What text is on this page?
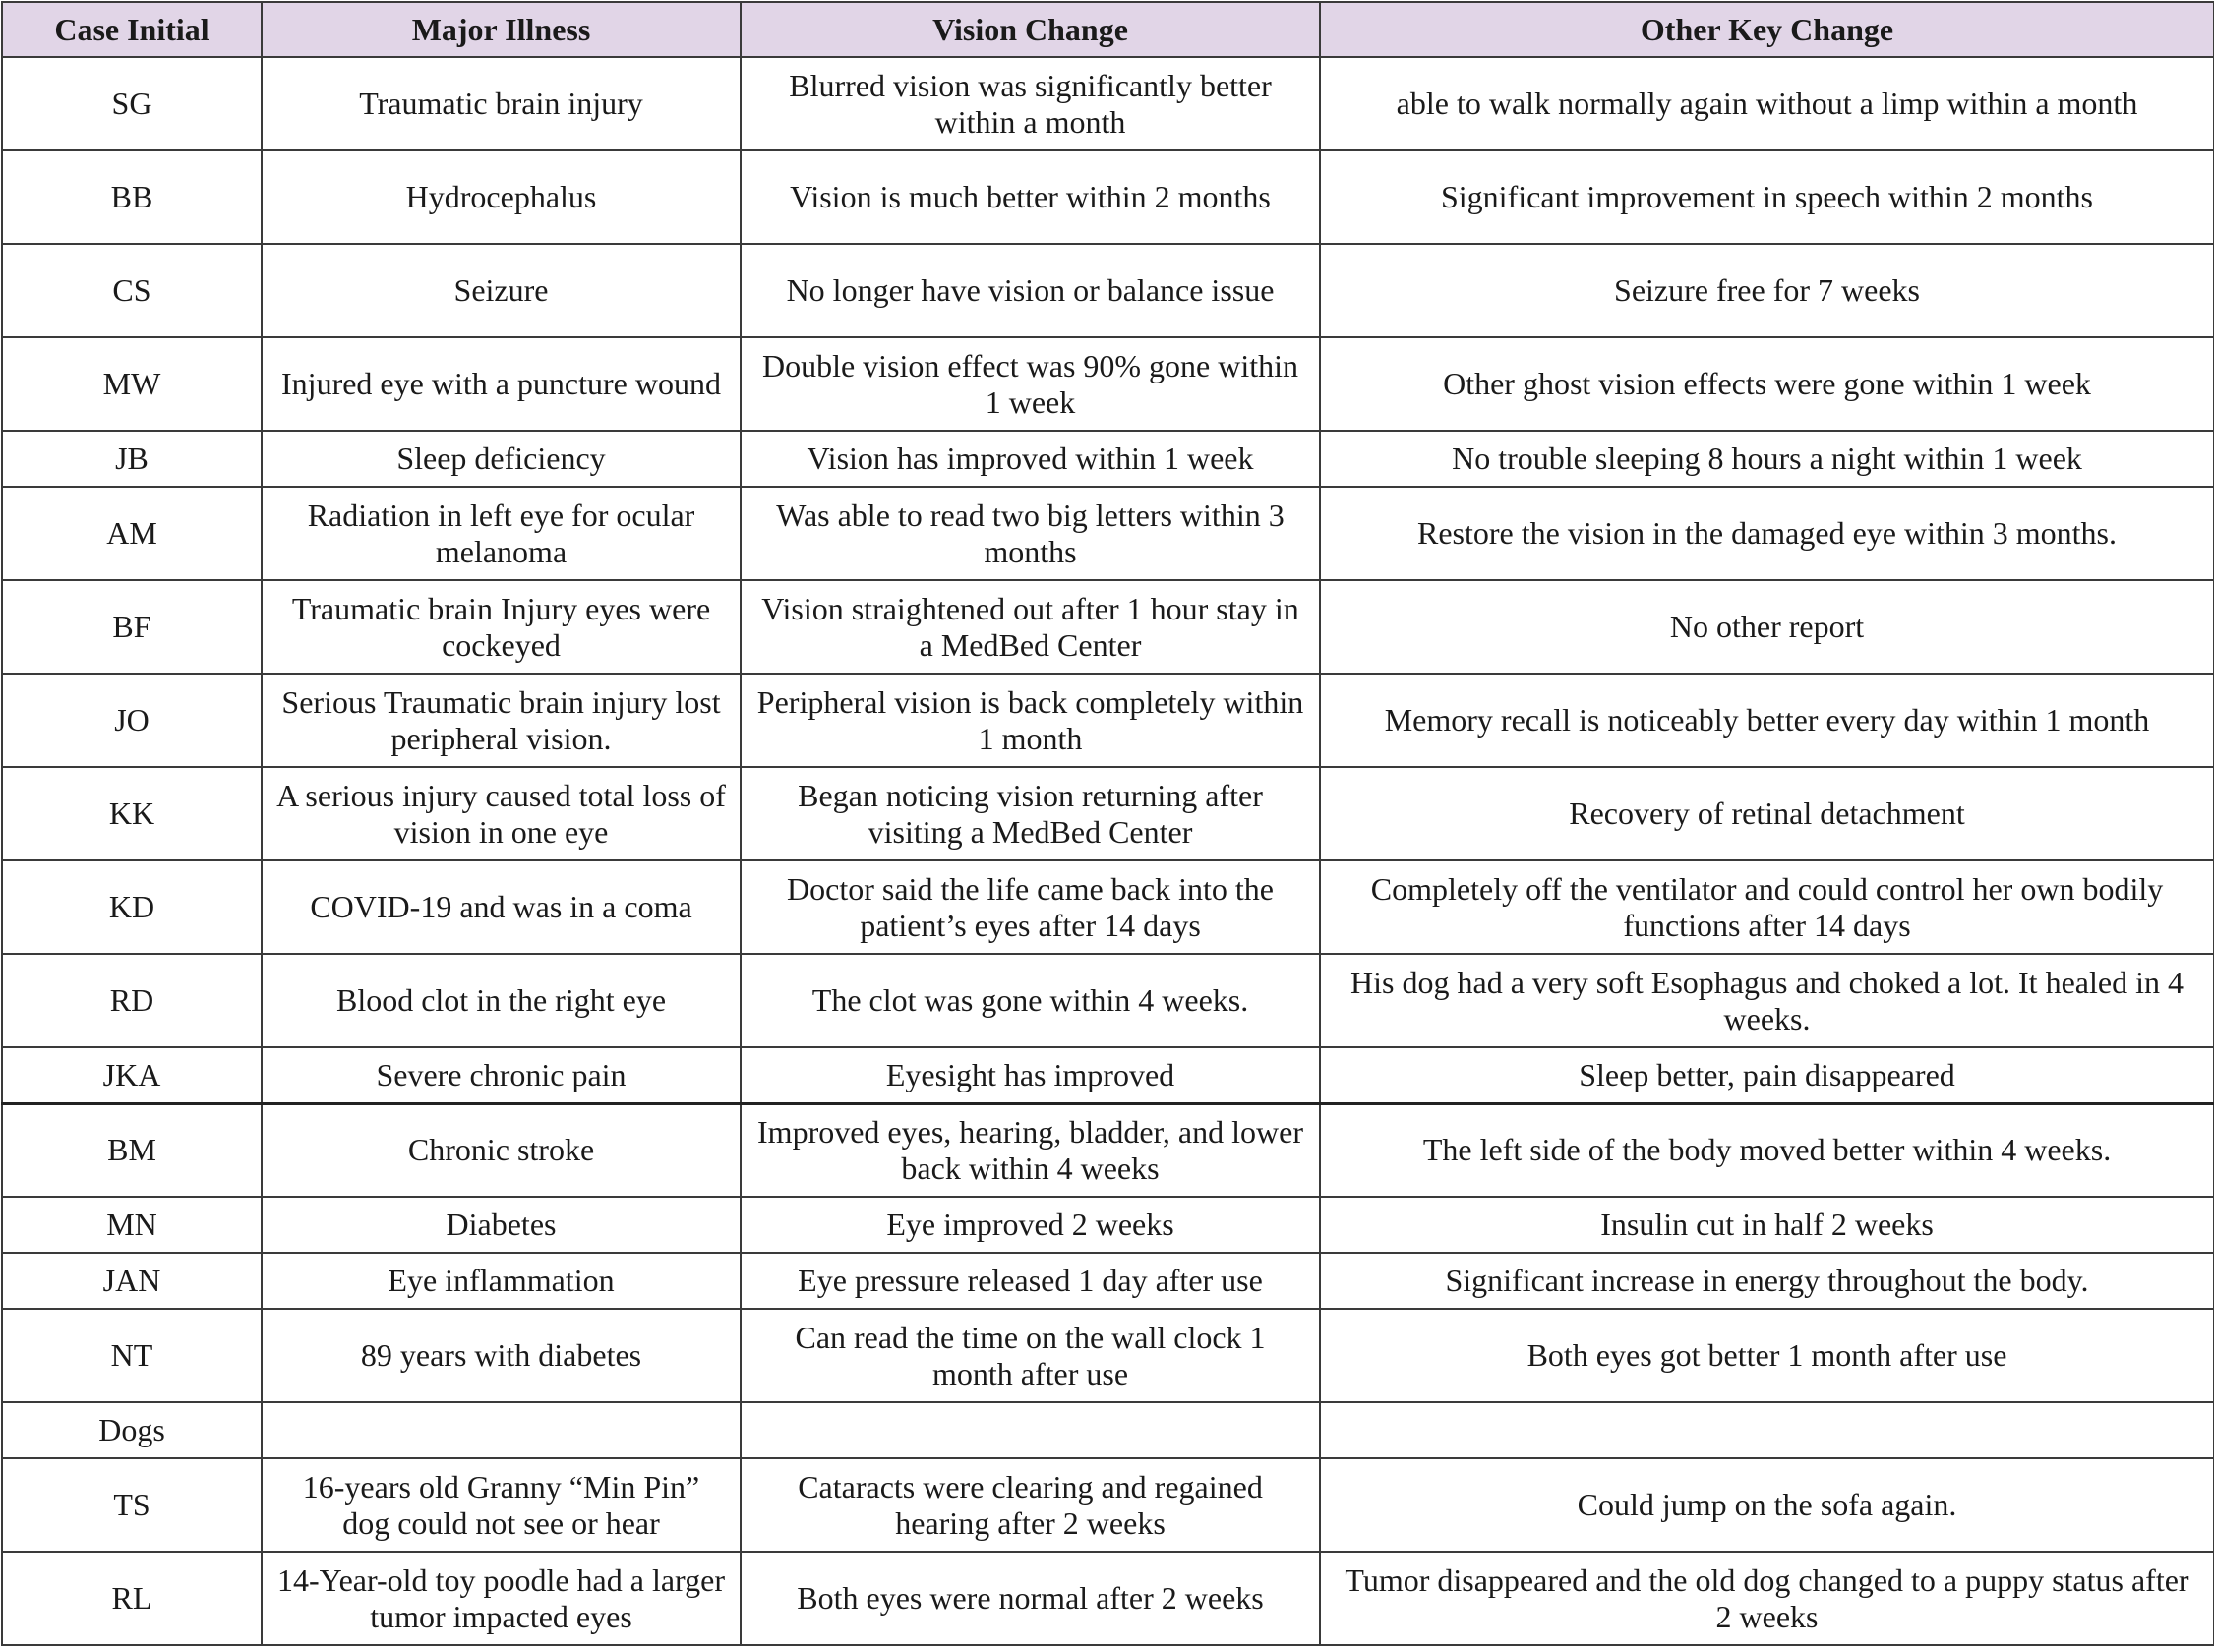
Case Initial	Major Illness	Vision Change	Other Key Change
SG	Traumatic brain injury	Blurred vision was significantly better within a month	able to walk normally again without a limp within a month
BB	Hydrocephalus	Vision is much better within 2 months	Significant improvement in speech within 2 months
CS	Seizure	No longer have vision or balance issue	Seizure free for 7 weeks
MW	Injured eye with a puncture wound	Double vision effect was 90% gone within 1 week	Other ghost vision effects were gone within 1 week
JB	Sleep deficiency	Vision has improved within 1 week	No trouble sleeping 8 hours a night within 1 week
AM	Radiation in left eye for ocular melanoma	Was able to read two big letters within 3 months	Restore the vision in the damaged eye within 3 months.
BF	Traumatic brain Injury eyes were cockeyed	Vision straightened out after 1 hour stay in a MedBed Center	No other report
JO	Serious Traumatic brain injury lost peripheral vision.	Peripheral vision is back completely within 1 month	Memory recall is noticeably better every day within 1 month
KK	A serious injury caused total loss of vision in one eye	Began noticing vision returning after visiting a MedBed Center	Recovery of retinal detachment
KD	COVID-19 and was in a coma	Doctor said the life came back into the patient’s eyes after 14 days	Completely off the ventilator and could control her own bodily functions after 14 days
RD	Blood clot in the right eye	The clot was gone within 4 weeks.	His dog had a very soft Esophagus and choked a lot. It healed in 4 weeks.
JKA	Severe chronic pain	Eyesight has improved	Sleep better, pain disappeared
BM	Chronic stroke	Improved eyes, hearing, bladder, and lower back within 4 weeks	The left side of the body moved better within 4 weeks.
MN	Diabetes	Eye improved 2 weeks	Insulin cut in half 2 weeks
JAN	Eye inflammation	Eye pressure released 1 day after use	Significant increase in energy throughout the body.
NT	89 years with diabetes	Can read the time on the wall clock 1 month after use	Both eyes got better 1 month after use
Dogs			
TS	16-years old Granny “Min Pin” dog could not see or hear	Cataracts were clearing and regained hearing after 2 weeks	Could jump on the sofa again.
RL	14-Year-old toy poodle had a larger tumor impacted eyes	Both eyes were normal after 2 weeks	Tumor disappeared and the old dog changed to a puppy status after 2 weeks
